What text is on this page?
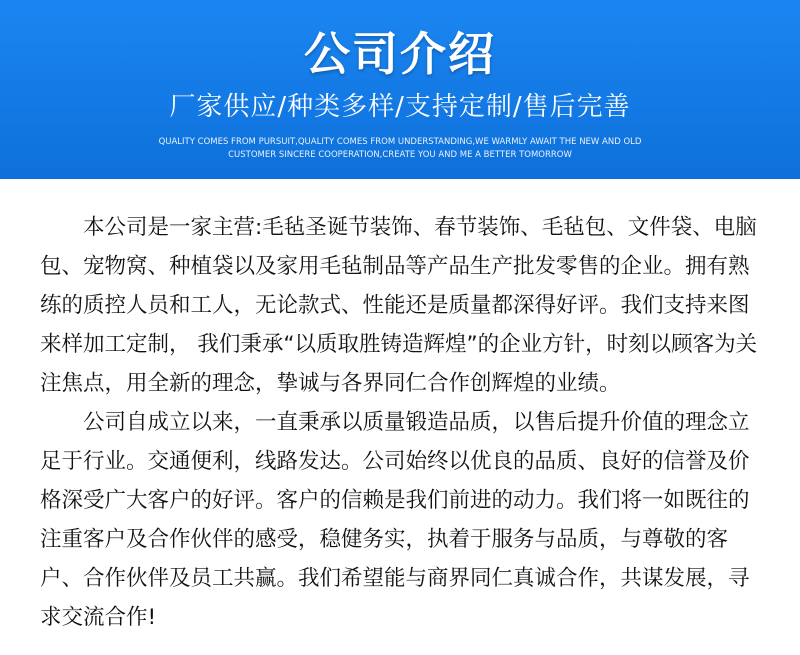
公司介绍
厂家供应/种类多样/支持定制/售后完善
QUALITY COMES FROM PURSUIT,QUALITY COMES FROM UNDERSTANDING,WE WARMLY AWAIT THE NEW AND OLD
CUSTOMER SINCERE COOPERATION,CREATE YOU AND ME A BETTER TOMORROW

本公司是一家主营:毛毡圣诞节装饰、春节装饰、毛毡包、文件袋、电脑包、宠物窝、种植袋以及家用毛毡制品等产品生产批发零售的企业。拥有熟练的质控人员和工人，无论款式、性能还是质量都深得好评。我们支持来图来样加工定制， 我们秉承“以质取胜铸造辉煌”的企业方针，时刻以顾客为关注焦点，用全新的理念，挚诚与各界同仁合作创辉煌的业绩。

公司自成立以来，一直秉承以质量锻造品质，以售后提升价值的理念立足于行业。交通便利，线路发达。公司始终以优良的品质、良好的信誉及价格深受广大客户的好评。客户的信赖是我们前进的动力。我们将一如既往的注重客户及合作伙伴的感受，稳健务实，执着于服务与品质，与尊敬的客户、合作伙伴及员工共赢。我们希望能与商界同仁真诚合作，共谋发展，寻求交流合作!
